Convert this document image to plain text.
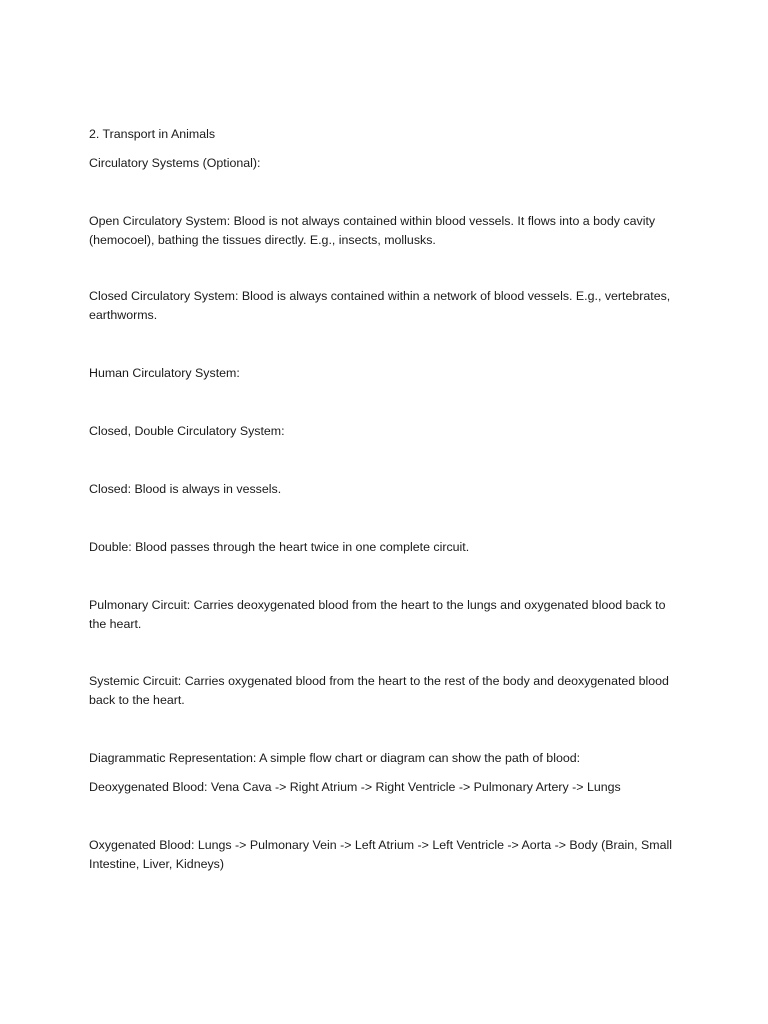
2. Transport in Animals

Circulatory Systems (Optional):

Open Circulatory System: Blood is not always contained within blood vessels. It flows into a body cavity (hemocoel), bathing the tissues directly. E.g., insects, mollusks.

Closed Circulatory System: Blood is always contained within a network of blood vessels. E.g., vertebrates, earthworms.

Human Circulatory System:

Closed, Double Circulatory System:

Closed: Blood is always in vessels.

Double: Blood passes through the heart twice in one complete circuit.

Pulmonary Circuit: Carries deoxygenated blood from the heart to the lungs and oxygenated blood back to the heart.

Systemic Circuit: Carries oxygenated blood from the heart to the rest of the body and deoxygenated blood back to the heart.

Diagrammatic Representation: A simple flow chart or diagram can show the path of blood:

Deoxygenated Blood: Vena Cava -> Right Atrium -> Right Ventricle -> Pulmonary Artery -> Lungs

Oxygenated Blood: Lungs -> Pulmonary Vein -> Left Atrium -> Left Ventricle -> Aorta -> Body (Brain, Small Intestine, Liver, Kidneys)
